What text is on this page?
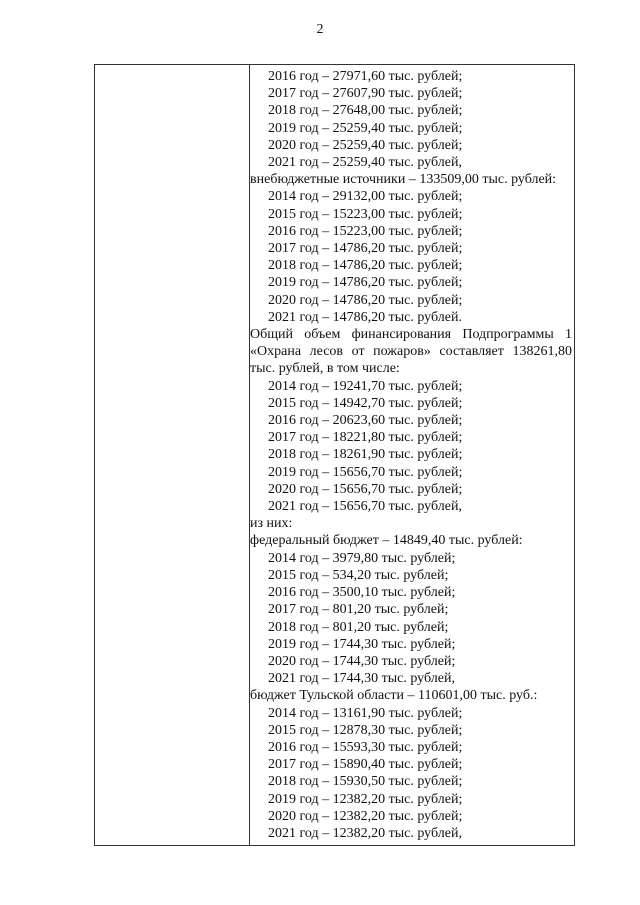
2
2016 год – 27971,60 тыс. рублей;
2017 год – 27607,90 тыс. рублей;
2018 год – 27648,00 тыс. рублей;
2019 год – 25259,40 тыс. рублей;
2020 год – 25259,40 тыс. рублей;
2021 год – 25259,40 тыс. рублей,
внебюджетные источники – 133509,00 тыс. рублей:
2014 год – 29132,00 тыс. рублей;
2015 год – 15223,00 тыс. рублей;
2016 год – 15223,00 тыс. рублей;
2017 год – 14786,20 тыс. рублей;
2018 год – 14786,20 тыс. рублей;
2019 год – 14786,20 тыс. рублей;
2020 год – 14786,20 тыс. рублей;
2021 год – 14786,20 тыс. рублей.
Общий объем финансирования Подпрограммы 1
«Охрана лесов от пожаров» составляет 138261,80
тыс. рублей, в том числе:
2014 год – 19241,70 тыс. рублей;
2015 год – 14942,70 тыс. рублей;
2016 год – 20623,60 тыс. рублей;
2017 год – 18221,80 тыс. рублей;
2018 год – 18261,90 тыс. рублей;
2019 год – 15656,70 тыс. рублей;
2020 год – 15656,70 тыс. рублей;
2021 год – 15656,70 тыс. рублей,
из них:
федеральный бюджет – 14849,40 тыс. рублей:
2014 год – 3979,80 тыс. рублей;
2015 год – 534,20 тыс. рублей;
2016 год – 3500,10 тыс. рублей;
2017 год – 801,20 тыс. рублей;
2018 год – 801,20 тыс. рублей;
2019 год – 1744,30 тыс. рублей;
2020 год – 1744,30 тыс. рублей;
2021 год – 1744,30 тыс. рублей,
бюджет Тульской области – 110601,00 тыс. руб.:
2014 год – 13161,90 тыс. рублей;
2015 год – 12878,30 тыс. рублей;
2016 год – 15593,30 тыс. рублей;
2017 год – 15890,40 тыс. рублей;
2018 год – 15930,50 тыс. рублей;
2019 год – 12382,20 тыс. рублей;
2020 год – 12382,20 тыс. рублей;
2021 год – 12382,20 тыс. рублей,
